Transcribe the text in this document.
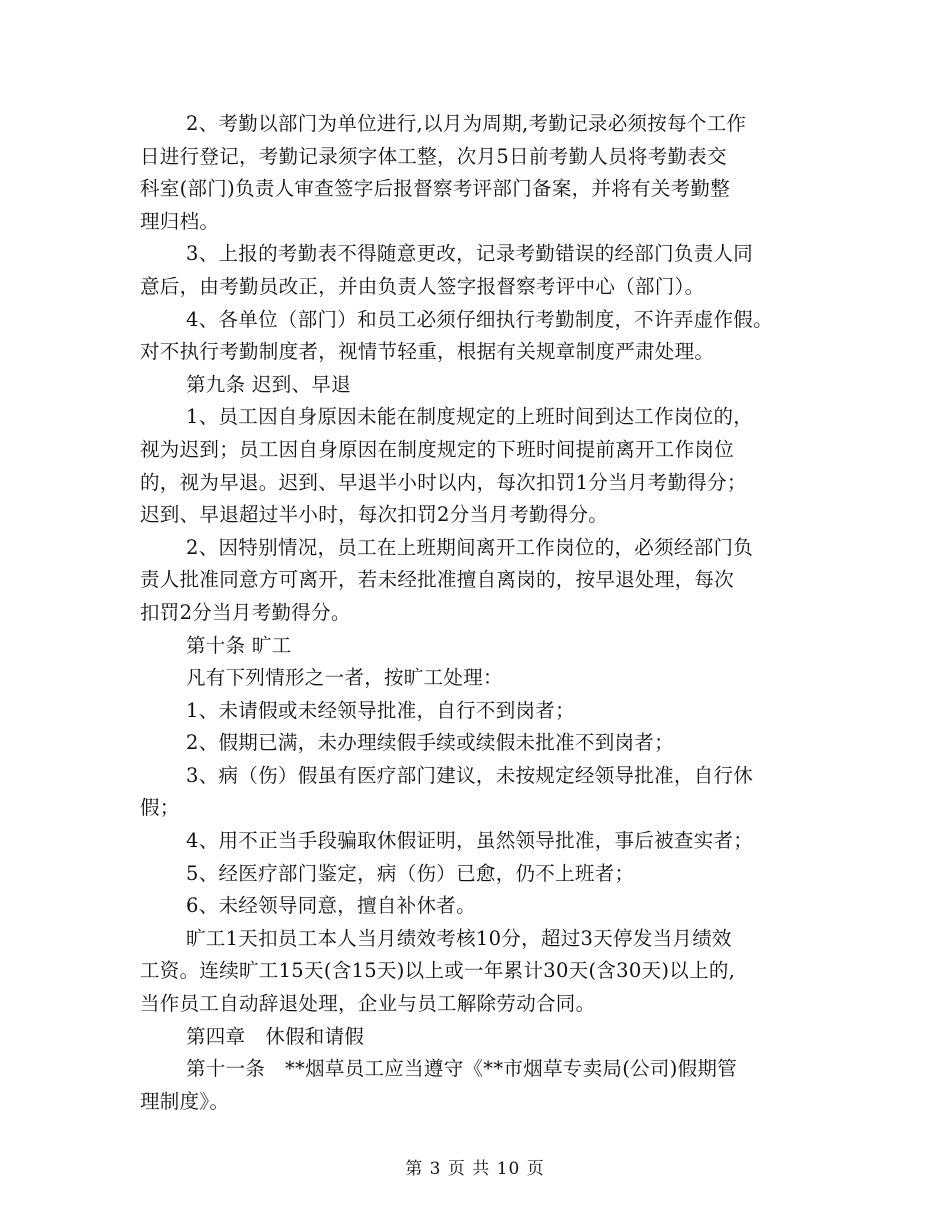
2、考勤以部门为单位进行,以月为周期,考勤记录必须按每个工作
日进行登记，考勤记录须字体工整，次月5日前考勤人员将考勤表交
科室(部门)负责人审查签字后报督察考评部门备案，并将有关考勤整
理归档。
3、上报的考勤表不得随意更改，记录考勤错误的经部门负责人同
意后，由考勤员改正，并由负责人签字报督察考评中心（部门）。
4、各单位（部门）和员工必须仔细执行考勤制度，不许弄虚作假。
对不执行考勤制度者，视情节轻重，根据有关规章制度严肃处理。
第九条 迟到、早退
1、员工因自身原因未能在制度规定的上班时间到达工作岗位的，
视为迟到；员工因自身原因在制度规定的下班时间提前离开工作岗位
的，视为早退。迟到、早退半小时以内，每次扣罚1分当月考勤得分；
迟到、早退超过半小时，每次扣罚2分当月考勤得分。
2、因特别情况，员工在上班期间离开工作岗位的，必须经部门负
责人批准同意方可离开，若未经批准擅自离岗的，按早退处理，每次
扣罚2分当月考勤得分。
第十条 旷工
凡有下列情形之一者，按旷工处理：
1、未请假或未经领导批准，自行不到岗者；
2、假期已满，未办理续假手续或续假未批准不到岗者；
3、病（伤）假虽有医疗部门建议，未按规定经领导批准，自行休
假；
4、用不正当手段骗取休假证明，虽然领导批准，事后被查实者；
5、经医疗部门鉴定，病（伤）已愈，仍不上班者；
6、未经领导同意，擅自补休者。
旷工1天扣员工本人当月绩效考核10分，超过3天停发当月绩效
工资。连续旷工15天(含15天)以上或一年累计30天(含30天)以上的,
当作员工自动辞退处理，企业与员工解除劳动合同。
第四章　休假和请假
第十一条　**烟草员工应当遵守《**市烟草专卖局(公司)假期管
理制度》。
第 3 页 共 10 页
